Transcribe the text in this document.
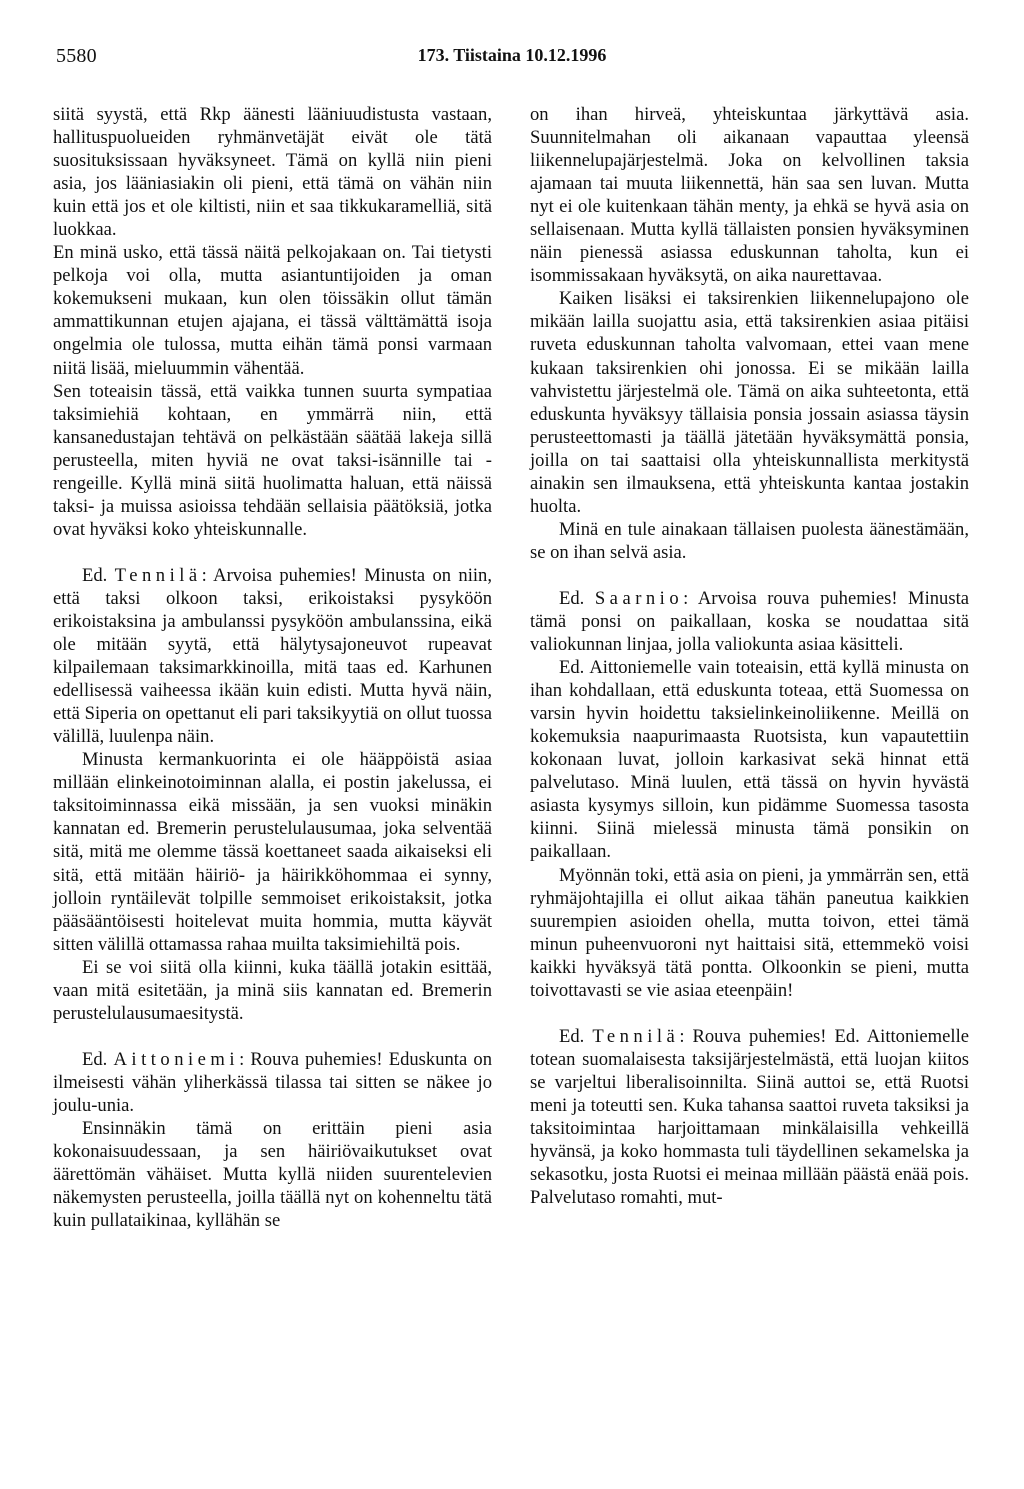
5580	173. Tiistaina 10.12.1996

siitä syystä, että Rkp äänesti lääniuudistusta vastaan, hallituspuolueiden ryhmänvetäjät eivät ole tätä suosituksissaan hyväksyneet. Tämä on kyllä niin pieni asia, jos lääniasiakin oli pieni, että tämä on vähän niin kuin että jos et ole kiltisti, niin et saa tikkukaramelliä, sitä luokkaa.

En minä usko, että tässä näitä pelkojakaan on. Tai tietysti pelkoja voi olla, mutta asiantuntijoiden ja oman kokemukseni mukaan, kun olen töissäkin ollut tämän ammattikunnan etujen ajajana, ei tässä välttämättä isoja ongelmia ole tulossa, mutta eihän tämä ponsi varmaan niitä lisää, mieluummin vähentää.

Sen toteaisin tässä, että vaikka tunnen suurta sympatiaa taksimiehiä kohtaan, en ymmärrä niin, että kansanedustajan tehtävä on pelkästään säätää lakeja sillä perusteella, miten hyviä ne ovat taksi-isännille tai -rengeille. Kyllä minä siitä huolimatta haluan, että näissä taksi- ja muissa asioissa tehdään sellaisia päätöksiä, jotka ovat hyväksi koko yhteiskunnalle.

Ed. Tennilä: Arvoisa puhemies! Minusta on niin, että taksi olkoon taksi, erikoistaksi pysyköön erikoistaksina ja ambulanssi pysyköön ambulanssina, eikä ole mitään syytä, että hälytysajoneuvot rupeavat kilpailemaan taksimarkkinoilla, mitä taas ed. Karhunen edellisessä vaiheessa ikään kuin edisti. Mutta hyvä näin, että Siperia on opettanut eli pari taksikyytiä on ollut tuossa välillä, luulenpa näin.

Minusta kermankuorinta ei ole hääppöistä asiaa millään elinkeinotoiminnan alalla, ei postin jakelussa, ei taksitoiminnassa eikä missään, ja sen vuoksi minäkin kannatan ed. Bremerin perustelulausumaa, joka selventää sitä, mitä me olemme tässä koettaneet saada aikaiseksi eli sitä, että mitään häiriö- ja häirikköhommaa ei synny, jolloin ryntäilevät tolpille semmoiset erikoistaksit, jotka pääsääntöisesti hoitelevat muita hommia, mutta käyvät sitten välillä ottamassa rahaa muilta taksimiehiltä pois.

Ei se voi siitä olla kiinni, kuka täällä jotakin esittää, vaan mitä esitetään, ja minä siis kannatan ed. Bremerin perustelulausumaesitystä.

Ed. Aittoniemi: Rouva puhemies! Eduskunta on ilmeisesti vähän yliherkässä tilassa tai sitten se näkee jo joulu-unia.

Ensinnäkin tämä on erittäin pieni asia kokonaisuudessaan, ja sen häiriövaikutukset ovat äärettömän vähäiset. Mutta kyllä niiden suurentelevien näkemysten perusteella, joilla täällä nyt on kohenneltu tätä kuin pullataikinaa, kyllähän se

on ihan hirveä, yhteiskuntaa järkyttävä asia. Suunnitelmahan oli aikanaan vapauttaa yleensä liikennelupajärjestelmä. Joka on kelvollinen taksia ajamaan tai muuta liikennettä, hän saa sen luvan. Mutta nyt ei ole kuitenkaan tähän menty, ja ehkä se hyvä asia on sellaisenaan. Mutta kyllä tällaisten ponsien hyväksyminen näin pienessä asiassa eduskunnan taholta, kun ei isommissakaan hyväksytä, on aika naurettavaa.

Kaiken lisäksi ei taksirenkien liikennelupajono ole mikään lailla suojattu asia, että taksirenkien asiaa pitäisi ruveta eduskunnan taholta valvomaan, ettei vaan mene kukaan taksirenkien ohi jonossa. Ei se mikään lailla vahvistettu järjestelmä ole. Tämä on aika suhteetonta, että eduskunta hyväksyy tällaisia ponsia jossain asiassa täysin perusteettomasti ja täällä jätetään hyväksymättä ponsia, joilla on tai saattaisi olla yhteiskunnallista merkitystä ainakin sen ilmauksena, että yhteiskunta kantaa jostakin huolta.

Minä en tule ainakaan tällaisen puolesta äänestämään, se on ihan selvä asia.

Ed. Saarnio: Arvoisa rouva puhemies! Minusta tämä ponsi on paikallaan, koska se noudattaa sitä valiokunnan linjaa, jolla valiokunta asiaa käsitteli.

Ed. Aittoniemelle vain toteaisin, että kyllä minusta on ihan kohdallaan, että eduskunta toteaa, että Suomessa on varsin hyvin hoidettu taksielinkeinoliikenne. Meillä on kokemuksia naapurimaasta Ruotsista, kun vapautettiin kokonaan luvat, jolloin karkasivat sekä hinnat että palvelutaso. Minä luulen, että tässä on hyvin hyvästä asiasta kysymys silloin, kun pidämme Suomessa tasosta kiinni. Siinä mielessä minusta tämä ponsikin on paikallaan.

Myönnän toki, että asia on pieni, ja ymmärrän sen, että ryhmäjohtajilla ei ollut aikaa tähän paneutua kaikkien suurempien asioiden ohella, mutta toivon, ettei tämä minun puheenvuoroni nyt haittaisi sitä, ettemmekö voisi kaikki hyväksyä tätä pontta. Olkoonkin se pieni, mutta toivottavasti se vie asiaa eteenpäin!

Ed. Tennilä: Rouva puhemies! Ed. Aittoniemelle totean suomalaisesta taksijärjestelmästä, että luojan kiitos se varjeltui liberalisoinnilta. Siinä auttoi se, että Ruotsi meni ja toteutti sen. Kuka tahansa saattoi ruveta taksiksi ja taksitoimintaa harjoittamaan minkälaisilla vehkeillä hyvänsä, ja koko hommasta tuli täydellinen sekamelska ja sekasotku, josta Ruotsi ei meinaa millään päästä enää pois. Palvelutaso romahti, mut-
